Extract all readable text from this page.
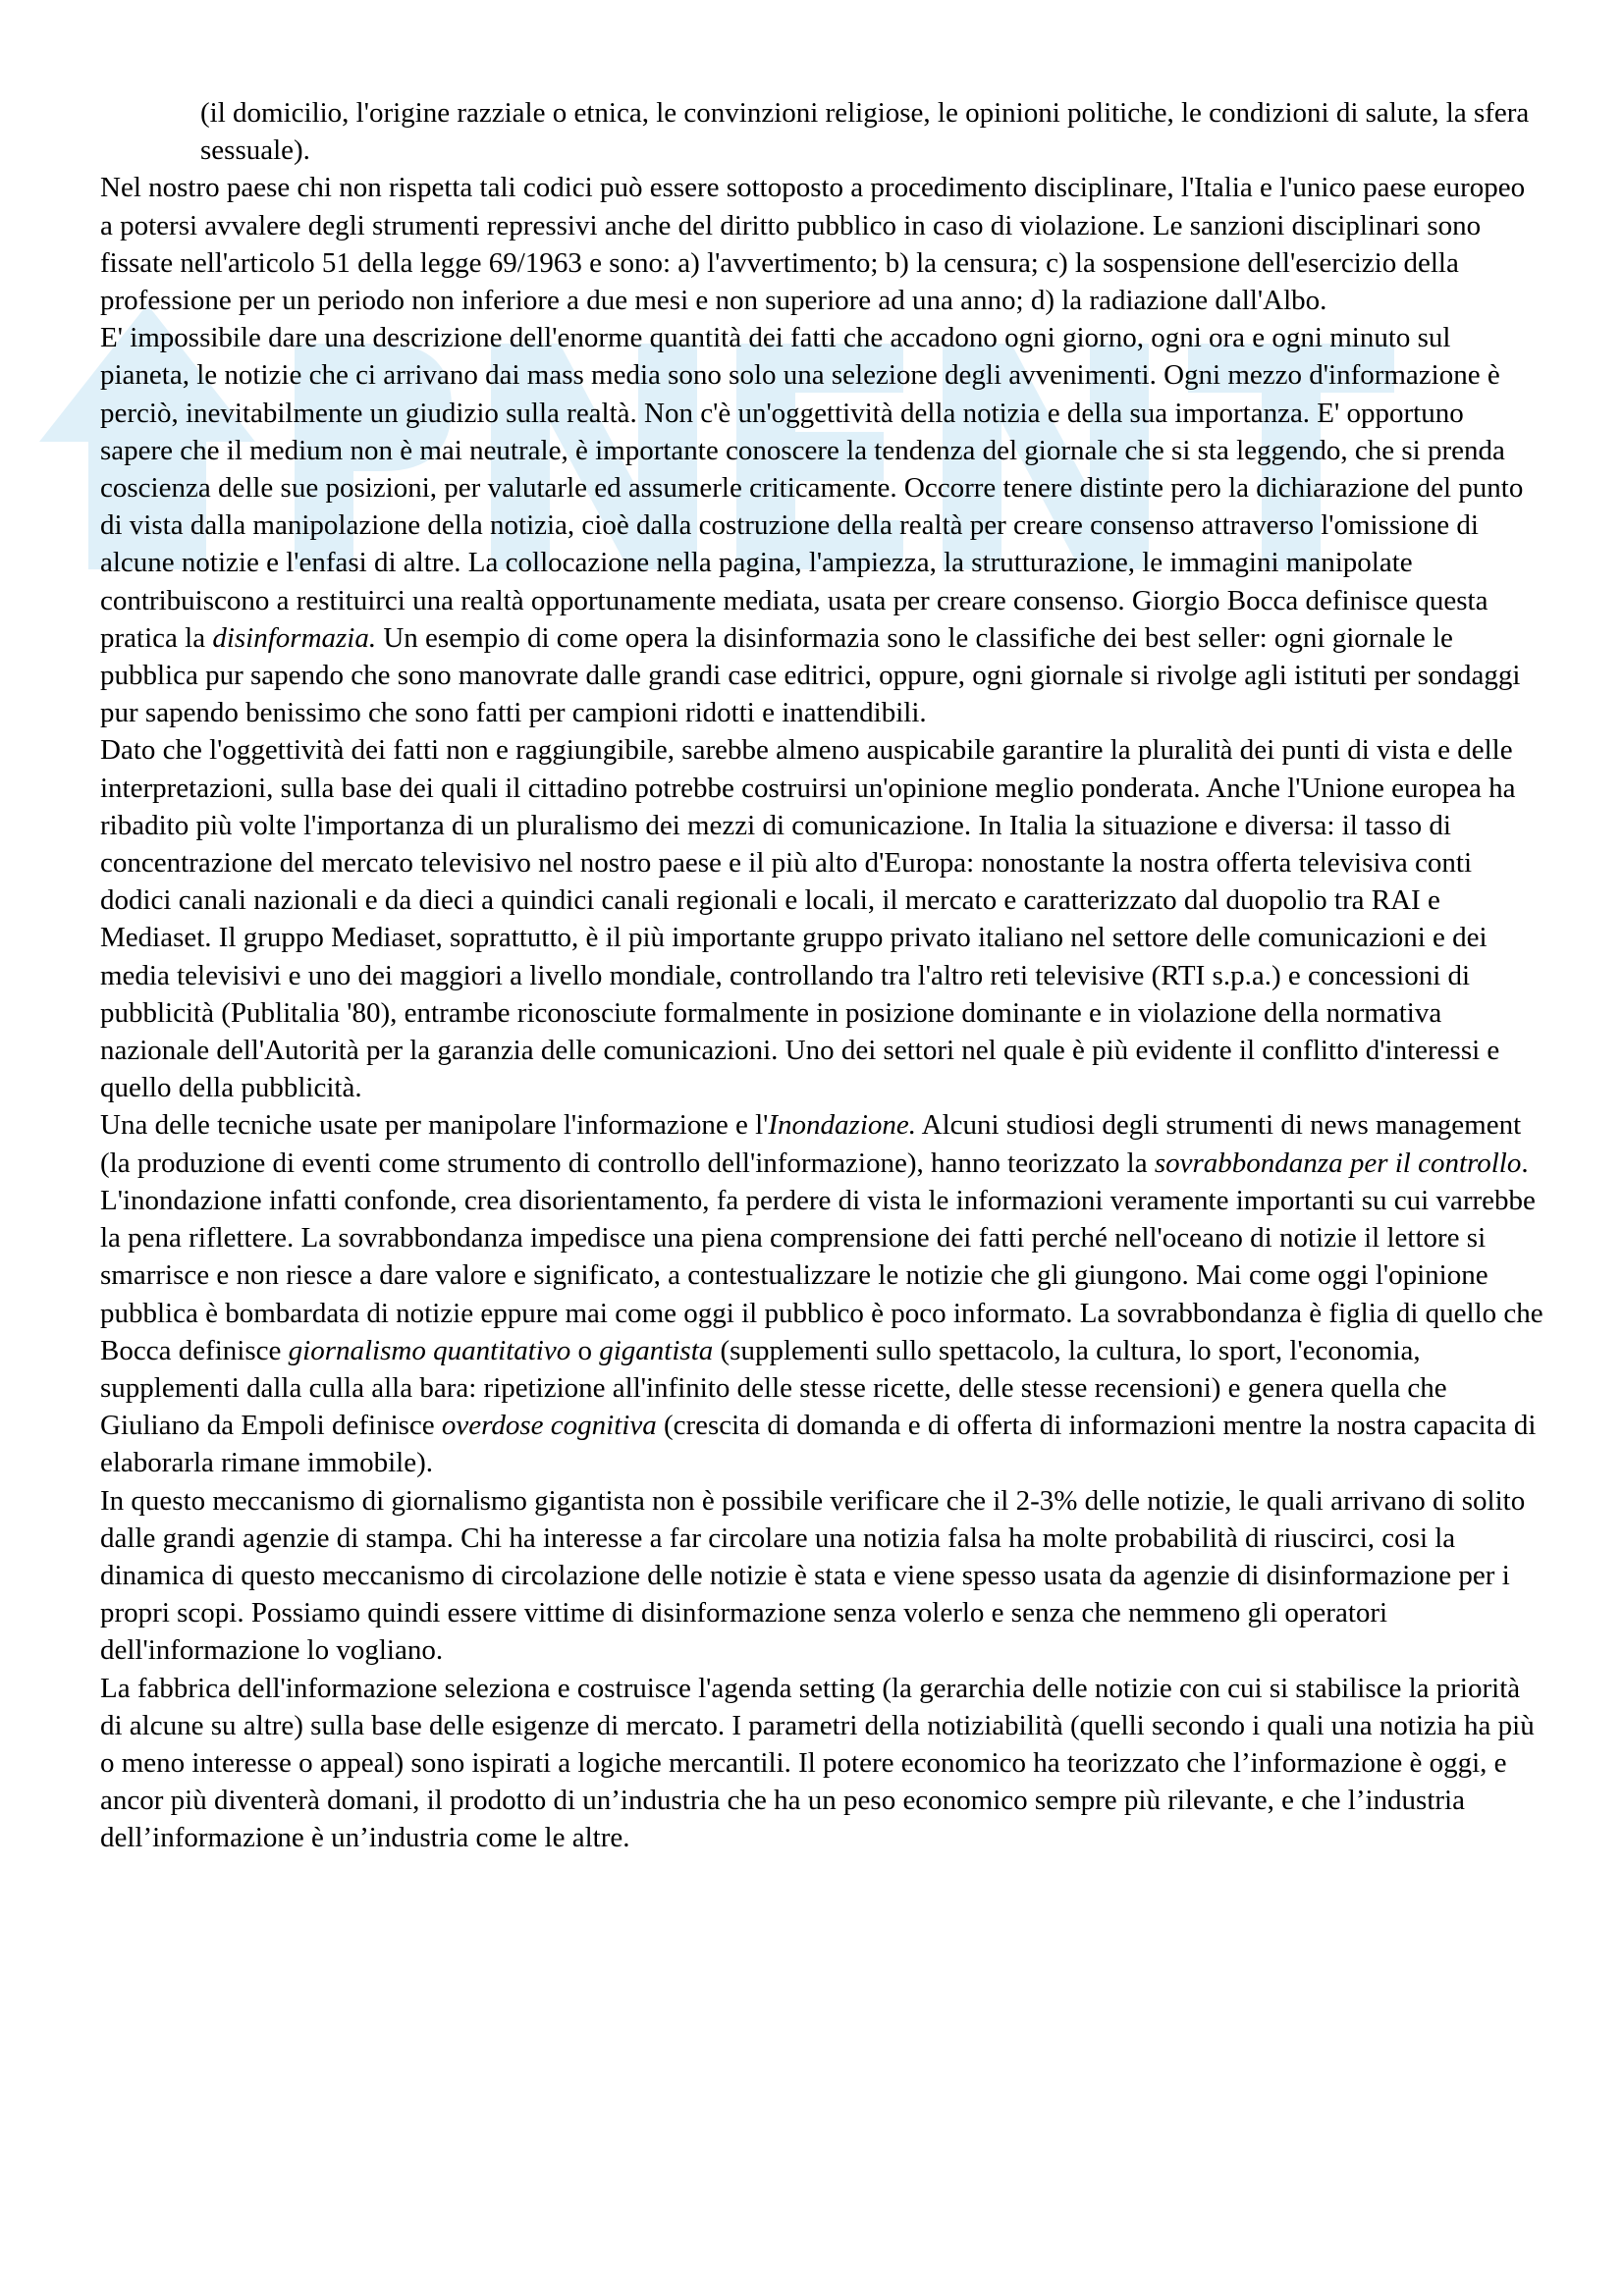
(il domicilio, l'origine razziale o etnica, le convinzioni religiose, le opinioni politiche, le condizioni di salute, la sfera sessuale).

Nel nostro paese chi non rispetta tali codici può essere sottoposto a procedimento disciplinare, l'Italia e l'unico paese europeo a potersi avvalere degli strumenti repressivi anche del diritto pubblico in caso di violazione. Le sanzioni disciplinari sono fissate nell'articolo 51 della legge 69/1963 e sono: a) l'avvertimento; b) la censura; c) la sospensione dell'esercizio della professione per un periodo non inferiore a due mesi e non superiore ad una anno; d) la radiazione dall'Albo.

E' impossibile dare una descrizione dell'enorme quantità dei fatti che accadono ogni giorno, ogni ora e ogni minuto sul pianeta, le notizie che ci arrivano dai mass media sono solo una selezione degli avvenimenti. Ogni mezzo d'informazione è perciò, inevitabilmente un giudizio sulla realtà. Non c'è un'oggettività della notizia e della sua importanza. E' opportuno sapere che il medium non è mai neutrale, è importante conoscere la tendenza del giornale che si sta leggendo, che si prenda coscienza delle sue posizioni, per valutarle ed assumerle criticamente. Occorre tenere distinte pero la dichiarazione del punto di vista dalla manipolazione della notizia, cioè dalla costruzione della realtà per creare consenso attraverso l'omissione di alcune notizie e l'enfasi di altre. La collocazione nella pagina, l'ampiezza, la strutturazione, le immagini manipolate contribuiscono a restituirci una realtà opportunamente mediata, usata per creare consenso. Giorgio Bocca definisce questa pratica la disinformazia. Un esempio di come opera la disinformazia sono le classifiche dei best seller: ogni giornale le pubblica pur sapendo che sono manovrate dalle grandi case editrici, oppure, ogni giornale si rivolge agli istituti per sondaggi pur sapendo benissimo che sono fatti per campioni ridotti e inattendibili.

Dato che l'oggettività dei fatti non e raggiungibile, sarebbe almeno auspicabile garantire la pluralità dei punti di vista e delle interpretazioni, sulla base dei quali il cittadino potrebbe costruirsi un'opinione meglio ponderata. Anche l'Unione europea ha ribadito più volte l'importanza di un pluralismo dei mezzi di comunicazione. In Italia la situazione e diversa: il tasso di concentrazione del mercato televisivo nel nostro paese e il più alto d'Europa: nonostante la nostra offerta televisiva conti dodici canali nazionali e da dieci a quindici canali regionali e locali, il mercato e caratterizzato dal duopolio tra RAI e Mediaset. Il gruppo Mediaset, soprattutto, è il più importante gruppo privato italiano nel settore delle comunicazioni e dei media televisivi e uno dei maggiori a livello mondiale, controllando tra l'altro reti televisive (RTI s.p.a.) e concessioni di pubblicità (Publitalia '80), entrambe riconosciute formalmente in posizione dominante e in violazione della normativa nazionale dell'Autorità per la garanzia delle comunicazioni. Uno dei settori nel quale è più evidente il conflitto d'interessi e quello della pubblicità.

Una delle tecniche usate per manipolare l'informazione e l'Inondazione. Alcuni studiosi degli strumenti di news management (la produzione di eventi come strumento di controllo dell'informazione), hanno teorizzato la sovrabbondanza per il controllo. L'inondazione infatti confonde, crea disorientamento, fa perdere di vista le informazioni veramente importanti su cui varrebbe la pena riflettere. La sovrabbondanza impedisce una piena comprensione dei fatti perché nell'oceano di notizie il lettore si smarrisce e non riesce a dare valore e significato, a contestualizzare le notizie che gli giungono. Mai come oggi l'opinione pubblica è bombardata di notizie eppure mai come oggi il pubblico è poco informato. La sovrabbondanza è figlia di quello che Bocca definisce giornalismo quantitativo o gigantista (supplementi sullo spettacolo, la cultura, lo sport, l'economia, supplementi dalla culla alla bara: ripetizione all'infinito delle stesse ricette, delle stesse recensioni) e genera quella che Giuliano da Empoli definisce overdose cognitiva (crescita di domanda e di offerta di informazioni mentre la nostra capacita di elaborarla rimane immobile).

In questo meccanismo di giornalismo gigantista non è possibile verificare che il 2-3% delle notizie, le quali arrivano di solito dalle grandi agenzie di stampa. Chi ha interesse a far circolare una notizia falsa ha molte probabilità di riuscirci, cosi la dinamica di questo meccanismo di circolazione delle notizie è stata e viene spesso usata da agenzie di disinformazione per i propri scopi. Possiamo quindi essere vittime di disinformazione senza volerlo e senza che nemmeno gli operatori dell'informazione lo vogliano.

La fabbrica dell'informazione seleziona e costruisce l'agenda setting (la gerarchia delle notizie con cui si stabilisce la priorità di alcune su altre) sulla base delle esigenze di mercato. I parametri della notiziabilità (quelli secondo i quali una notizia ha più o meno interesse o appeal) sono ispirati a logiche mercantili. Il potere economico ha teorizzato che l’informazione è oggi, e ancor più diventerà domani, il prodotto di un’industria che ha un peso economico sempre più rilevante, e che l’industria dell’informazione è un’industria come le altre.
